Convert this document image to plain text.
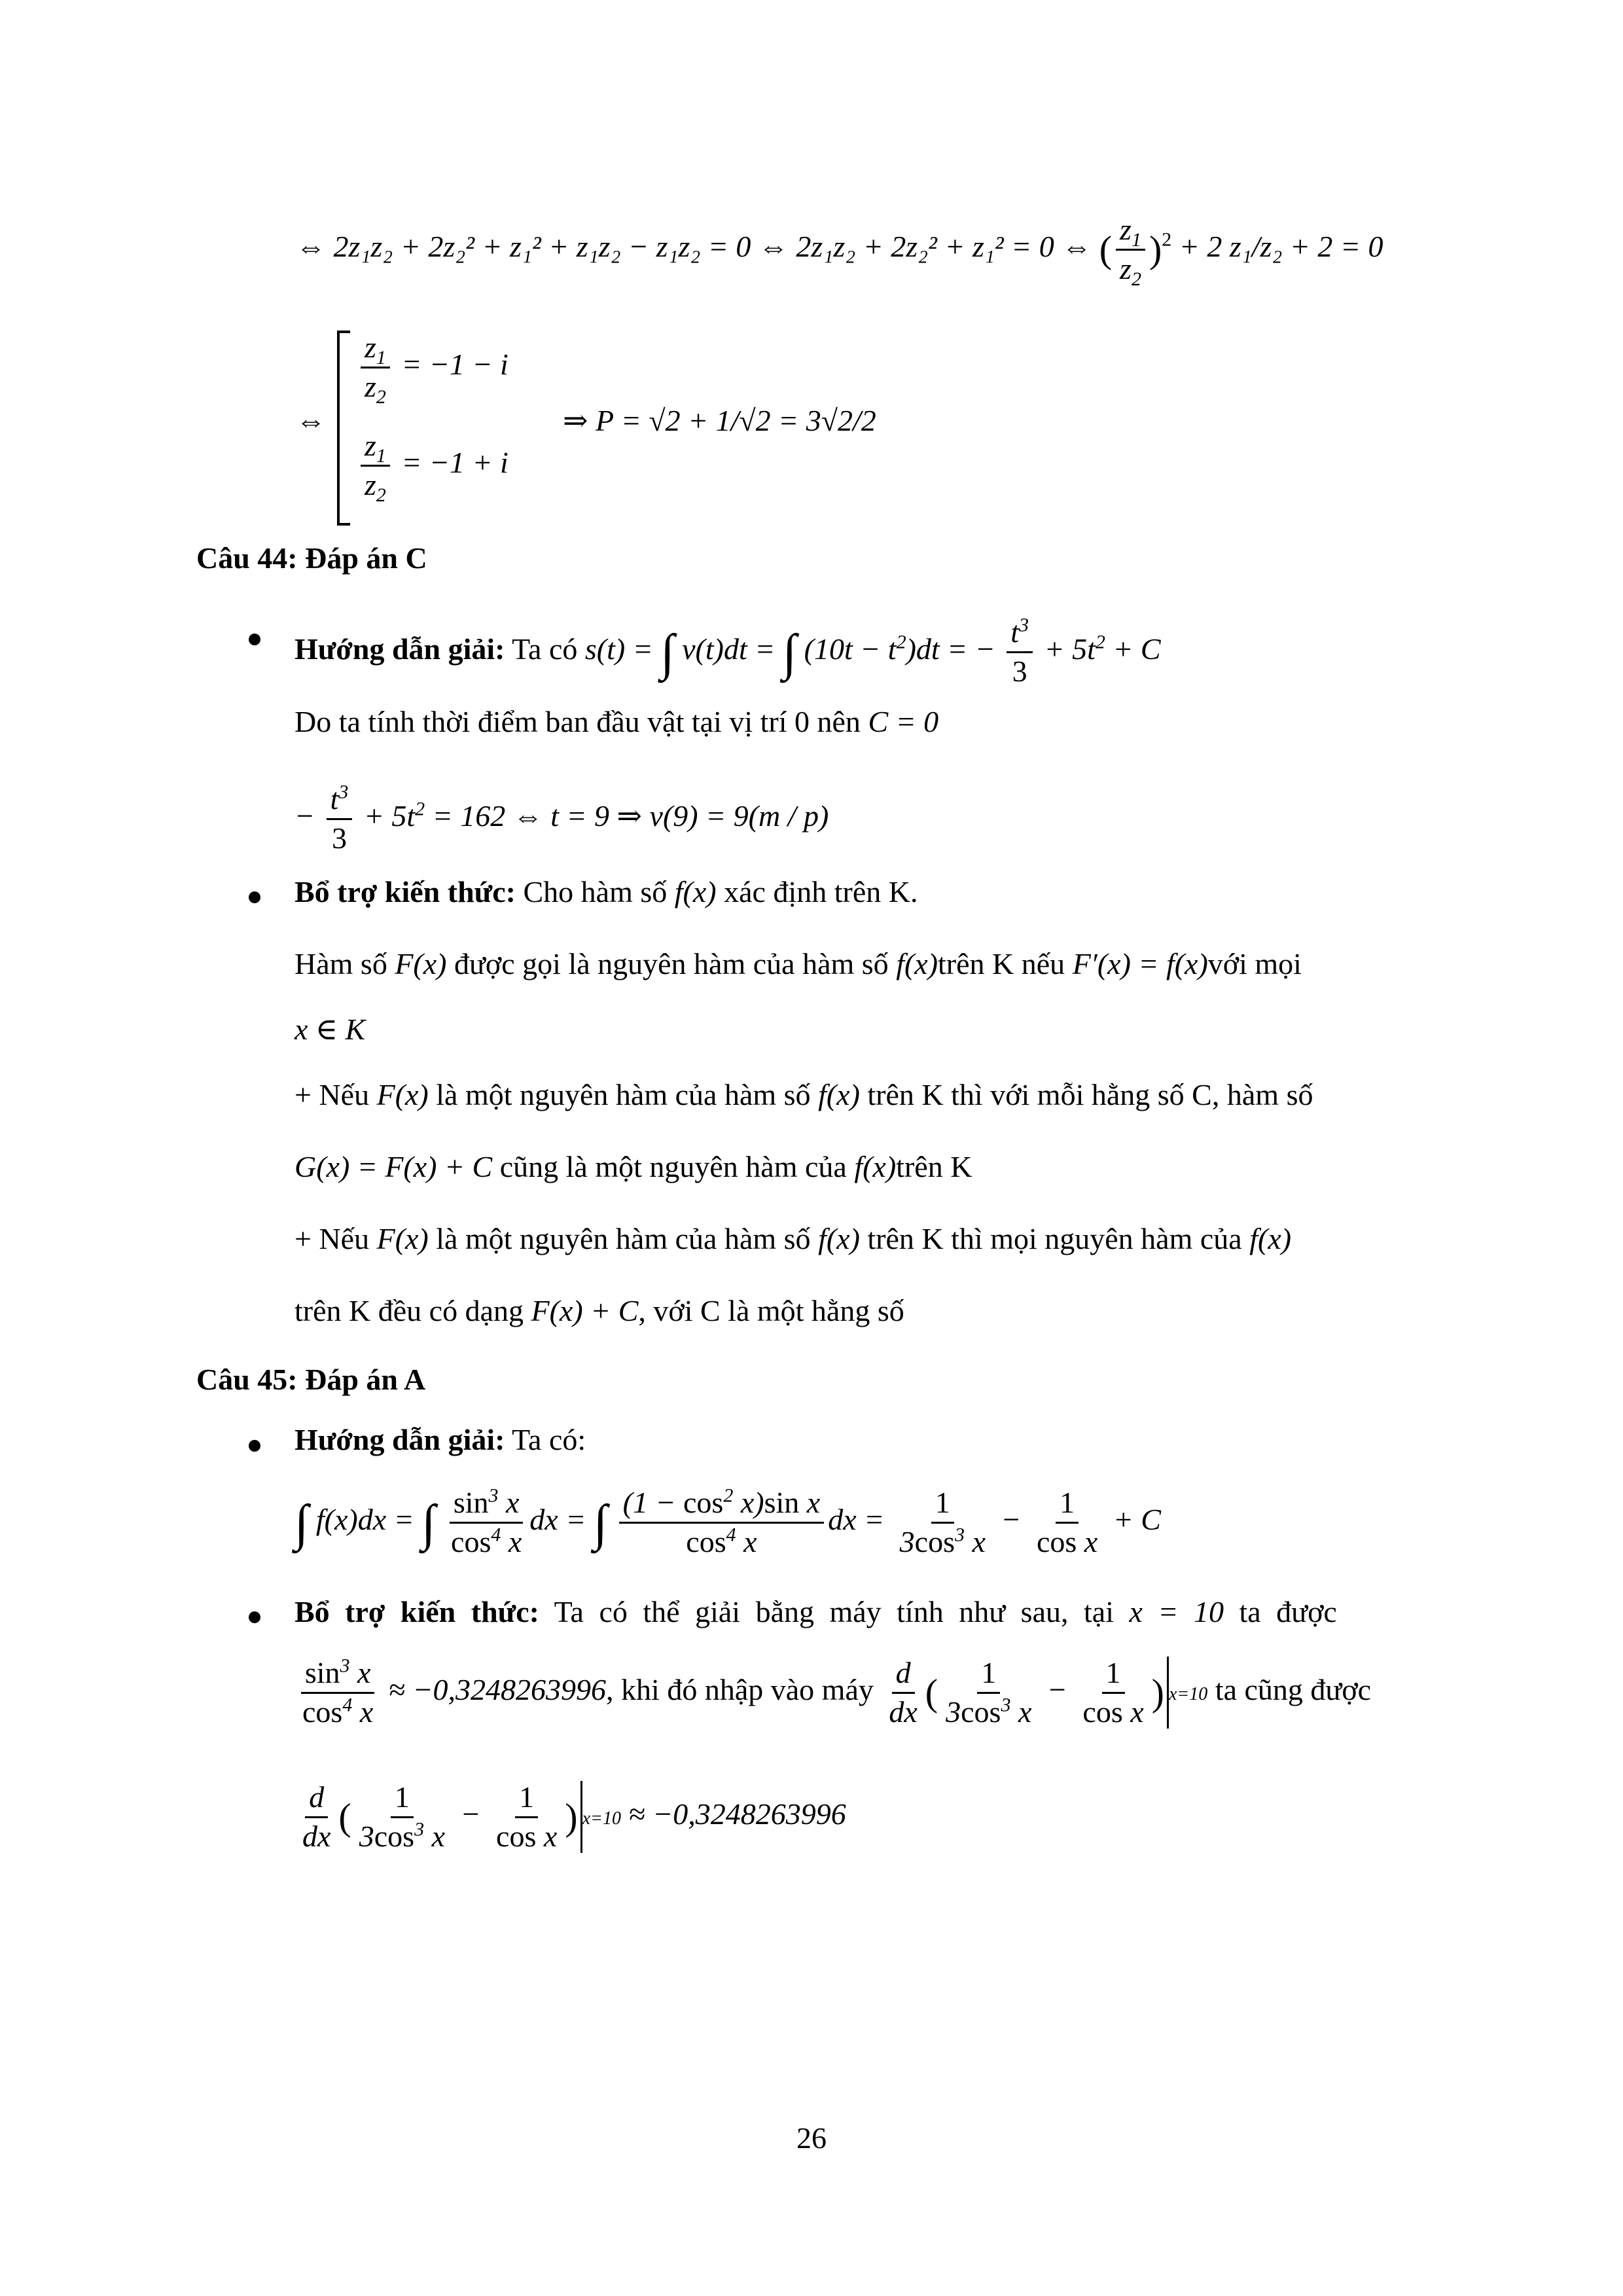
⇔ 2z₁z₂ + 2z₂² + z₁² + z₁z₂ − z₁z₂ = 0 ⇔ 2z₁z₂ + 2z₂² + z₁² = 0 ⇔ ( $\frac{z_1}{z_2} )^2 + 2$ z₁/z₂ + 2 = 0
⇔
$\frac{z_1}{z_2} = -1 - i$
$\frac{z_1}{z_2} = -1 + i$
⇒ P = √2 + 1/√2 = 3√2/2
Câu 44: Đáp án C
Hướng dẫn giải: Ta có s(t) = ∫ v(t)dt = ∫ $(10t - t^2)dt$ = − $\frac{t^3}{3} + 5t^2 + C$
Do ta tính thời điểm ban đầu vật tại vị trí 0 nên C = 0
− $\frac{t^3}{3} + 5t^2 = 162$ ⇔ t = 9 ⇒ v(9) = 9(m / p)
Bổ trợ kiến thức: Cho hàm số f(x) xác định trên K.
Hàm số F(x) được gọi là nguyên hàm của hàm số f(x)trên K nếu F′(x) = f(x)với mọi
x ∈ K
+ Nếu F(x) là một nguyên hàm của hàm số f(x) trên K thì với mỗi hằng số C, hàm số
G(x) = F(x) + C cũng là một nguyên hàm của f(x)trên K
+ Nếu F(x) là một nguyên hàm của hàm số f(x) trên K thì mọi nguyên hàm của f(x)
trên K đều có dạng F(x) + C, với C là một hằng số
Câu 45: Đáp án A
Hướng dẫn giải: Ta có:
∫ f(x)dx = ∫ $\frac{\sin^3 x}{\cos^4 x}$ dx = ∫ $\frac{(1 - \cos^2 x)\sin x}{\cos^4 x}$ dx = $\frac{1}{3\cos^3 x} - \frac{1}{\text{cos x}} + C$
Bổ trợ kiến thức: Ta có thể giải bằng máy tính như sau, tại x = 10 ta được
$\frac{\sin^3 x}{\cos^4 x} \approx -0,3248263996$, khi đó nhập vào máy $\frac{d}{dx}$ ( $\frac{1}{3\cos^3 x} - \frac{1}{\text{cos x}}$ ) x=10 ta cũng được
$\frac{d}{dx}$ ( $\frac{1}{3\cos^3 x} - \frac{1}{\text{cos x}}$ ) x=10 ≈ −0,3248263996
26
